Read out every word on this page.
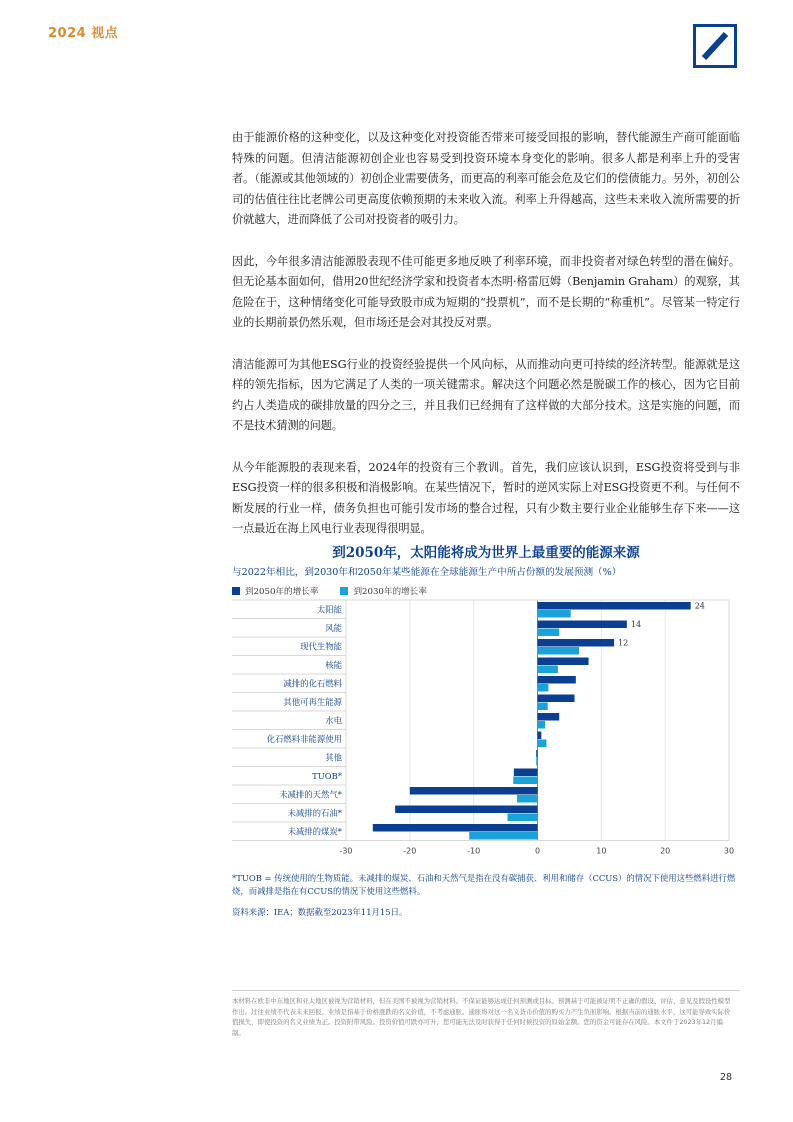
2024 视点

由于能源价格的这种变化，以及这种变化对投资能否带来可接受回报的影响，替代能源生产商可能面临特殊的问题。但清洁能源初创企业也容易受到投资环境本身变化的影响。很多人都是利率上升的受害者。（能源或其他领域的）初创企业需要债务，而更高的利率可能会危及它们的偿债能力。另外，初创公司的估值往往比老牌公司更高度依赖预期的未来收入流。利率上升得越高，这些未来收入流所需要的折价就越大，进而降低了公司对投资者的吸引力。

因此，今年很多清洁能源股表现不佳可能更多地反映了利率环境，而非投资者对绿色转型的潜在偏好。但无论基本面如何，借用20世纪经济学家和投资者本杰明·格雷厄姆（Benjamin Graham）的观察，其危险在于，这种情绪变化可能导致股市成为短期的“投票机”，而不是长期的“称重机”。尽管某一特定行业的长期前景仍然乐观，但市场还是会对其投反对票。

清洁能源可为其他ESG行业的投资经验提供一个风向标，从而推动向更可持续的经济转型。能源就是这样的领先指标，因为它满足了人类的一项关键需求。解决这个问题必然是脱碳工作的核心，因为它目前约占人类造成的碳排放量的四分之三，并且我们已经拥有了这样做的大部分技术。这是实施的问题，而不是技术猜测的问题。

从今年能源股的表现来看，2024年的投资有三个教训。首先，我们应该认识到，ESG投资将受到与非ESG投资一样的很多积极和消极影响。在某些情况下，暂时的逆风实际上对ESG投资更不利。与任何不断发展的行业一样，债务负担也可能引发市场的整合过程，只有少数主要行业企业能够生存下来——这一点最近在海上风电行业表现得很明显。

到2050年，太阳能将成为世界上最重要的能源来源
与2022年相比，到2030年和2050年某些能源在全球能源生产中所占份额的发展预测（%）
到2050年的增长率	到2030年的增长率
-30	-20	-10	0	10	20	30
太阳能	24
风能	14
现代生物能	12
核能
减排的化石燃料
其他可再生能源
水电
化石燃料非能源使用
其他
TUOB*
未减排的天然气*
未减排的石油*
未减排的煤炭*
*TUOB = 传统使用的生物质能。未减排的煤炭、石油和天然气是指在没有碳捕获、利用和储存（CCUS）的情况下使用这些燃料进行燃烧，而减排是指在有CCUS的情况下使用这些燃料。
资料来源：IEA；数据截至2023年11月15日。
本材料在欧非中东地区和亚太地区被视为营销材料，但在美国不被视为营销材料。不保证能够达成任何预测或目标。预测基于可能被证明不正确的假设、评估、意见及假设性模型作出。过往业绩不代表未来回报。业绩是指基于价格涨跌的名义价值，不考虑通胀。通胀将对这一名义货币价值的购买力产生负面影响。根据当前的通胀水平，这可能导致实际价值损失，即使投资的名义业绩为正。投资附带风险。投资价值可跌亦可升，您可能无法及时获得于任何时候投资的原始金额。您的资金可能存在风险。本文件于2023年12月编制。
28
